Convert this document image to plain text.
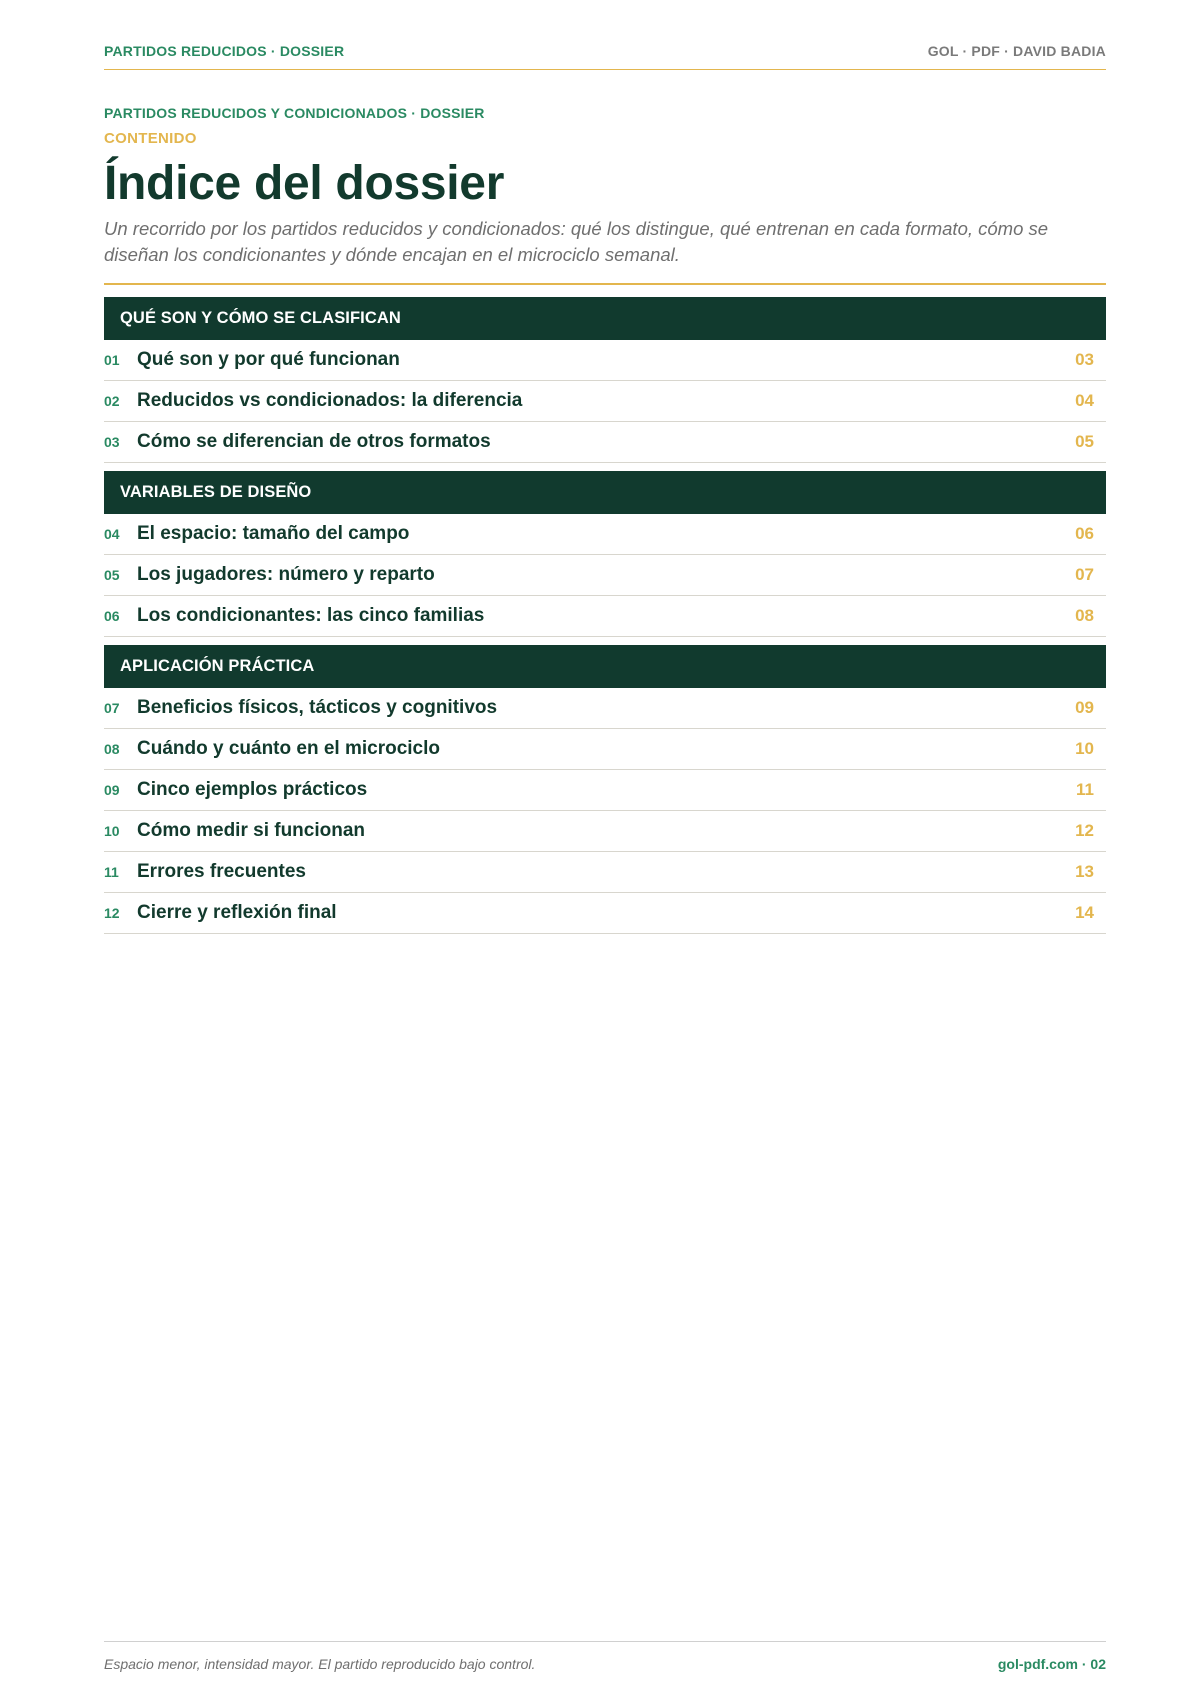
PARTIDOS REDUCIDOS · DOSSIER	GOL · PDF · DAVID BADIA
PARTIDOS REDUCIDOS Y CONDICIONADOS · DOSSIER
CONTENIDO
Índice del dossier

Un recorrido por los partidos reducidos y condicionados: qué los distingue, qué entrenan en cada formato, cómo se diseñan los condicionantes y dónde encajan en el microciclo semanal.

QUÉ SON Y CÓMO SE CLASIFICAN
01 Qué son y por qué funcionan	03
02 Reducidos vs condicionados: la diferencia	04
03 Cómo se diferencian de otros formatos	05
VARIABLES DE DISEÑO
04 El espacio: tamaño del campo	06
05 Los jugadores: número y reparto	07
06 Los condicionantes: las cinco familias	08
APLICACIÓN PRÁCTICA
07 Beneficios físicos, tácticos y cognitivos	09
08 Cuándo y cuánto en el microciclo	10
09 Cinco ejemplos prácticos	11
10 Cómo medir si funcionan	12
11 Errores frecuentes	13
12 Cierre y reflexión final	14
Espacio menor, intensidad mayor. El partido reproducido bajo control.	gol-pdf.com · 02
